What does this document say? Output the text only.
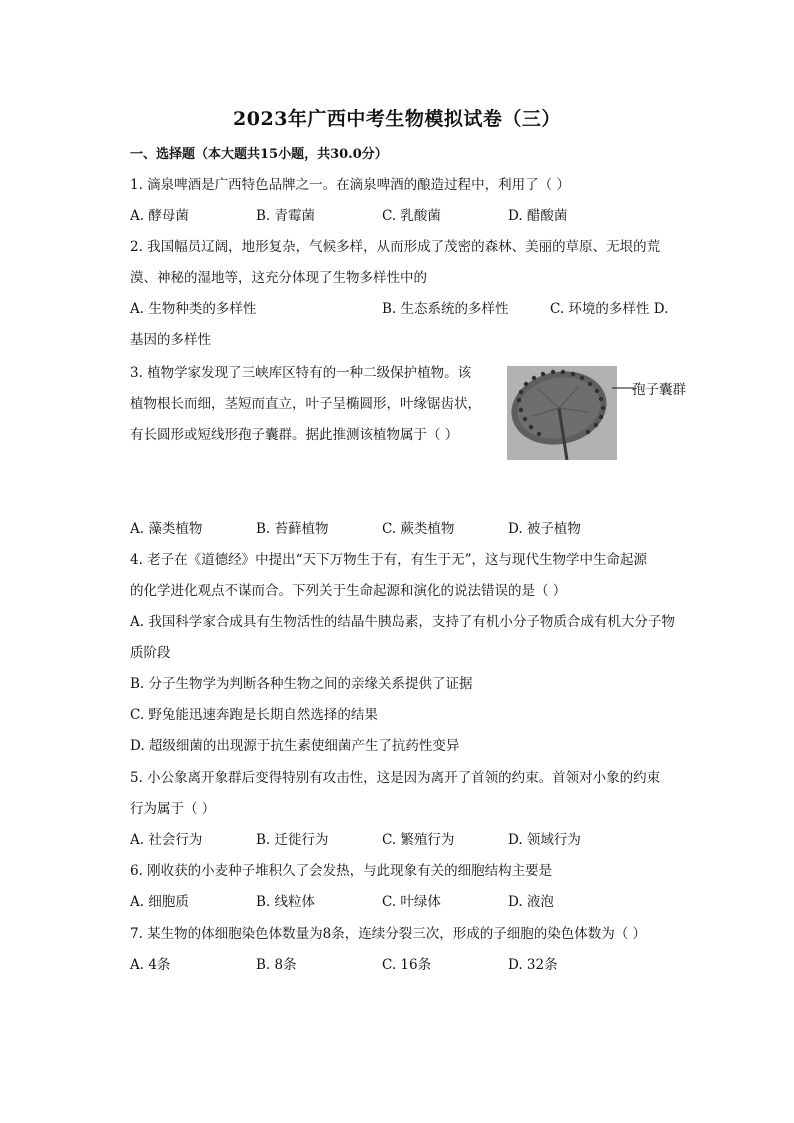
2023年广西中考生物模拟试卷（三）
一、选择题（本大题共15小题，共30.0分）
1. 滴泉啤酒是广西特色品牌之一。在滴泉啤酒的酿造过程中，利用了（ ）
A. 酵母菌	B. 青霉菌	C. 乳酸菌	D. 醋酸菌
2. 我国幅员辽阔，地形复杂，气候多样，从而形成了茂密的森林、美丽的草原、无垠的荒
漠、神秘的湿地等，这充分体现了生物多样性中的
A. 生物种类的多样性	B. 生态系统的多样性	C. 环境的多样性 D.
基因的多样性
3. 植物学家发现了三峡库区特有的一种二级保护植物。该
植物根长而细，茎短而直立，叶子呈椭圆形，叶缘锯齿状，
有长圆形或短线形孢子囊群。据此推测该植物属于（ ）
孢子囊群
A. 藻类植物	B. 苔藓植物	C. 蕨类植物	D. 被子植物
4. 老子在《道德经》中提出“天下万物生于有，有生于无”，这与现代生物学中生命起源
的化学进化观点不谋而合。下列关于生命起源和演化的说法错误的是（ ）
A. 我国科学家合成具有生物活性的结晶牛胰岛素，支持了有机小分子物质合成有机大分子物
质阶段
B. 分子生物学为判断各种生物之间的亲缘关系提供了证据
C. 野兔能迅速奔跑是长期自然选择的结果
D. 超级细菌的出现源于抗生素使细菌产生了抗药性变异
5. 小公象离开象群后变得特别有攻击性，这是因为离开了首领的约束。首领对小象的约束
行为属于（ ）
A. 社会行为	B. 迁徙行为	C. 繁殖行为	D. 领域行为
6. 刚收获的小麦种子堆积久了会发热，与此现象有关的细胞结构主要是
A. 细胞质	B. 线粒体	C. 叶绿体	D. 液泡
7. 某生物的体细胞染色体数量为8条，连续分裂三次，形成的子细胞的染色体数为（ ）
A. 4条	B. 8条	C. 16条	D. 32条
